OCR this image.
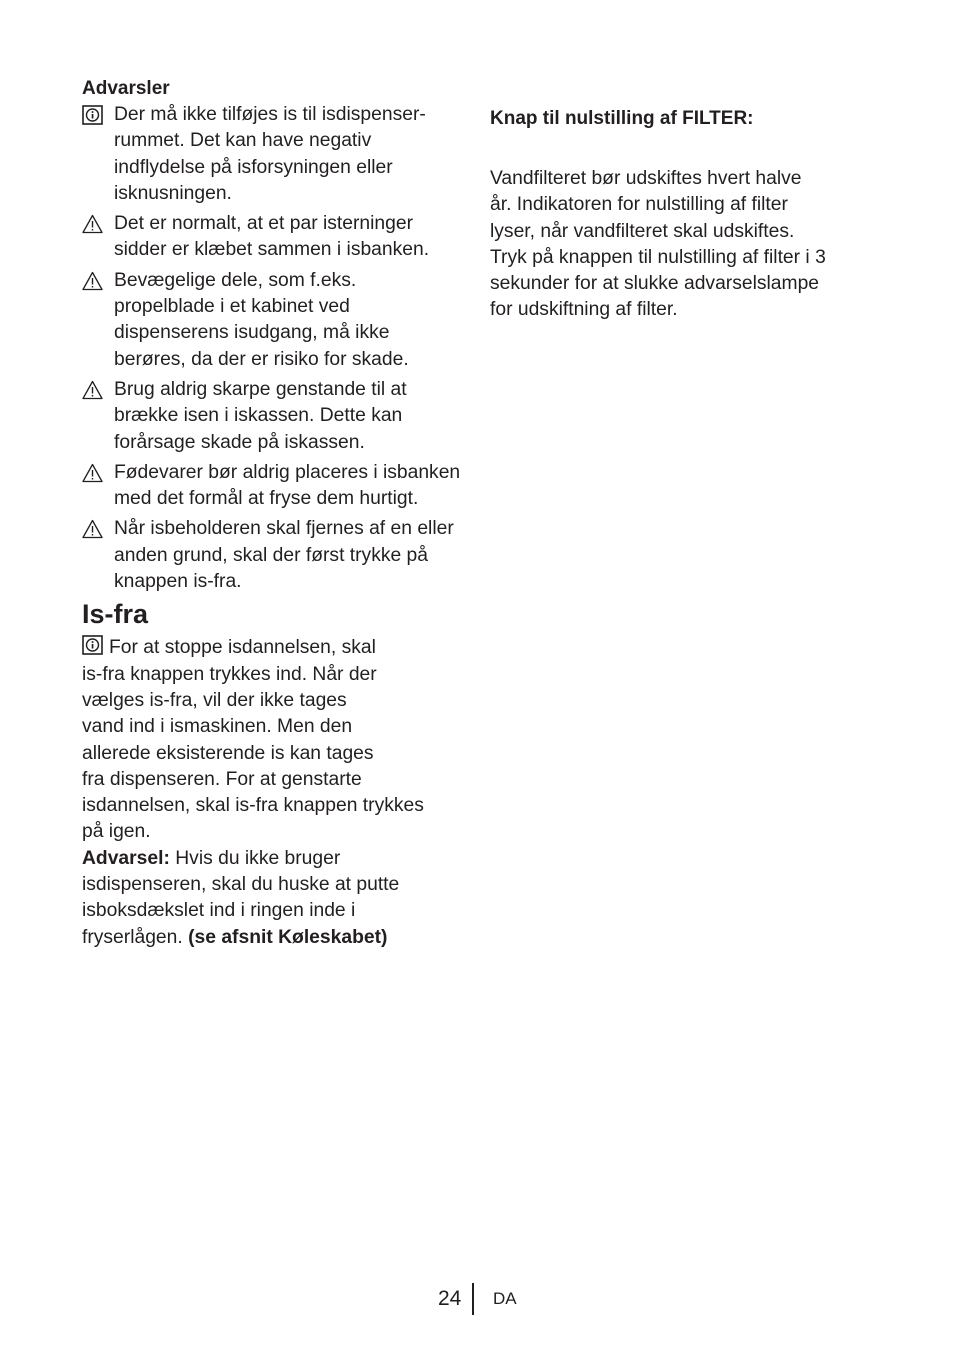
Advarsler
Der må ikke tilføjes is til isdispenser-
rummet. Det kan have negativ
indflydelse på isforsyningen eller
isknusningen.
Det er normalt, at et par isterninger
sidder er klæbet sammen i isbanken.
Bevægelige dele, som f.eks.
propelblade i et kabinet ved
dispenserens isudgang, må ikke
berøres, da der er risiko for skade.
Brug aldrig skarpe genstande til at
brække isen i iskassen. Dette kan
forårsage skade på iskassen.
Fødevarer bør aldrig placeres i isbanken
med det formål at fryse dem hurtigt.
Når isbeholderen skal fjernes af en eller
anden grund, skal der først trykke på
knappen is-fra.
Is-fra
For at stoppe isdannelsen, skal
is-fra knappen trykkes ind. Når der
vælges is-fra, vil der ikke tages
vand ind i ismaskinen. Men den
allerede eksisterende is kan tages
fra dispenseren. For at genstarte
isdannelsen, skal is-fra knappen trykkes
på igen.
Advarsel: Hvis du ikke bruger
isdispenseren, skal du huske at putte
isboksdækslet ind i ringen inde i
fryserlågen. (se afsnit Køleskabet)
Knap til nulstilling af FILTER:
Vandfilteret bør udskiftes hvert halve
år. Indikatoren for nulstilling af filter
lyser, når vandfilteret skal udskiftes.
Tryk på knappen til nulstilling af filter i 3
sekunder for at slukke advarselslampe
for udskiftning af filter.
24 DA
